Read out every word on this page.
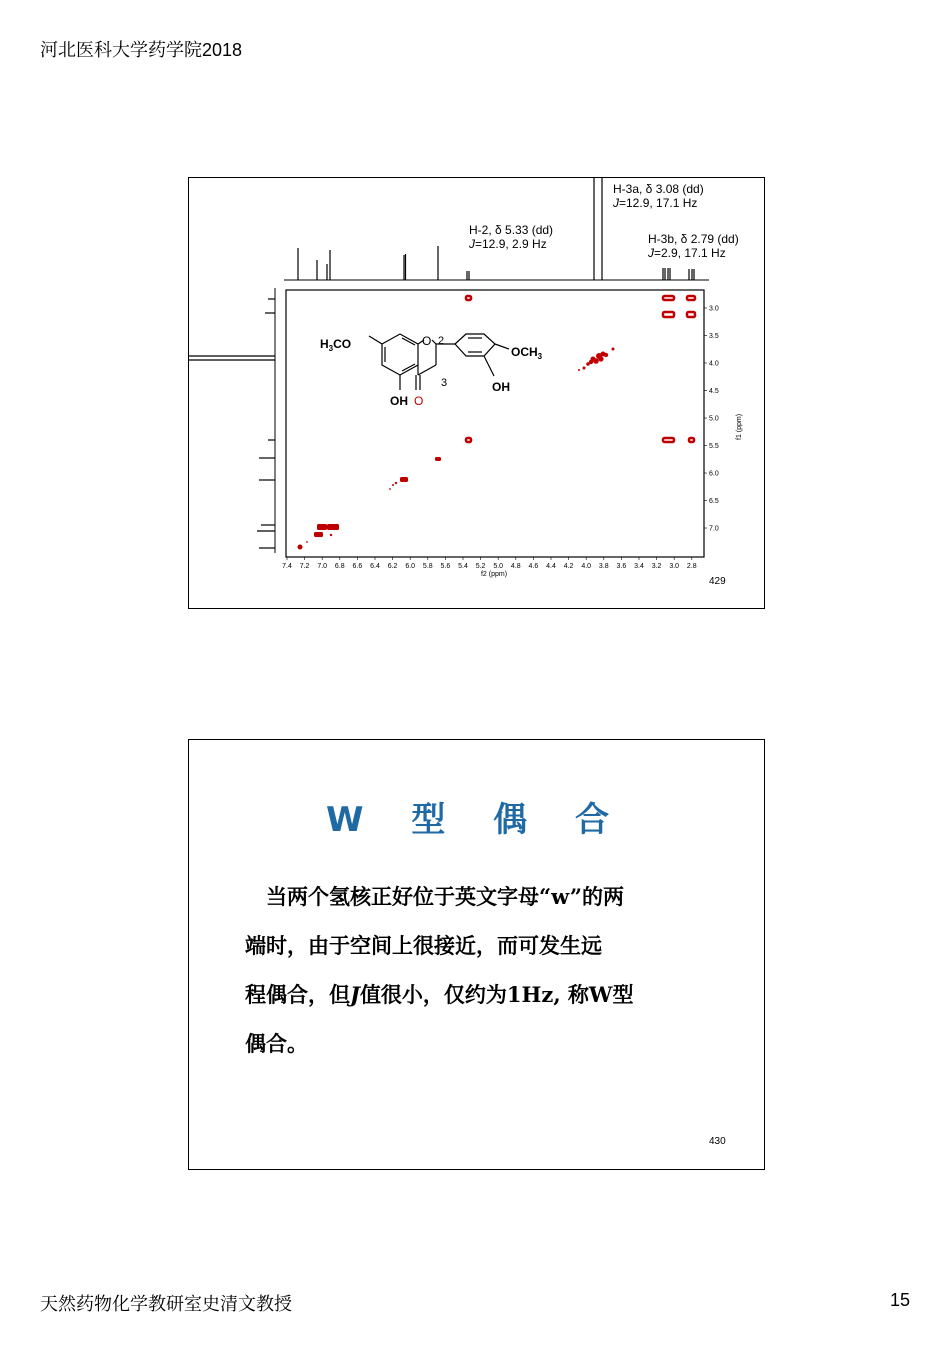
河北医科大学药学院2018
7.4 7.2 7.0 6.8 6.6 6.4 6.2 6.0 5.8 5.6 5.4 5.2 5.0 4.8 4.6 4.4 4.2 4.0 3.8 3.6 3.4 3.2 3.0 2.8
f2 (ppm)
3.0
3.5
4.0
4.5
5.0
5.5
6.0
6.5
7.0
f1 (ppm)
$H_3CO$	O 2
3
$OCH_3$
OH O
OH
H-2, δ 5.33 (dd)
J=12.9, 2.9 Hz
H-3a, δ 3.08 (dd)
J=12.9, 17.1 Hz
H-3b, δ 2.79 (dd)
J=2.9, 17.1 Hz
429
W 型 偶 合

当两个氢核正好位于英文字母“w”的两

端时，由于空间上很接近，而可发生远

程偶合，但J值很小，仅约为1Hz, 称W型

偶合。

430
天然药物化学教研室史清文教授	15
